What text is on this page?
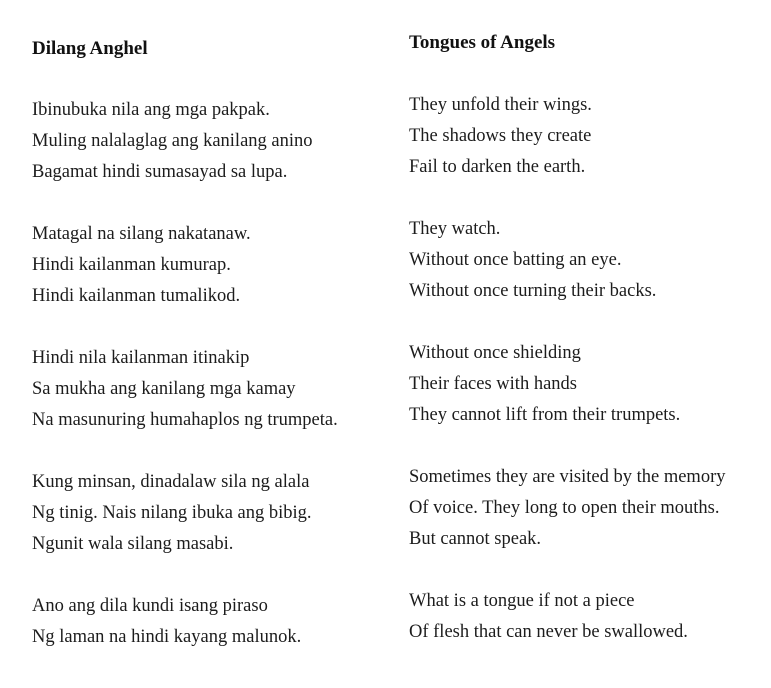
Dilang Anghel
Ibinubuka nila ang mga pakpak.
Muling nalalaglag ang kanilang anino
Bagamat hindi sumasayad sa lupa.
Matagal na silang nakatanaw.
Hindi kailanman kumurap.
Hindi kailanman tumalikod.
Hindi nila kailanman itinakip
Sa mukha ang kanilang mga kamay
Na masunuring humahaplos ng trumpeta.
Kung minsan, dinadalaw sila ng alala
Ng tinig. Nais nilang ibuka ang bibig.
Ngunit wala silang masabi.
Ano ang dila kundi isang piraso
Ng laman na hindi kayang malunok.
Tongues of Angels
They unfold their wings.
The shadows they create
Fail to darken the earth.
They watch.
Without once batting an eye.
Without once turning their backs.
Without once shielding
Their faces with hands
They cannot lift from their trumpets.
Sometimes they are visited by the memory
Of voice. They long to open their mouths.
But cannot speak.
What is a tongue if not a piece
Of flesh that can never be swallowed.
